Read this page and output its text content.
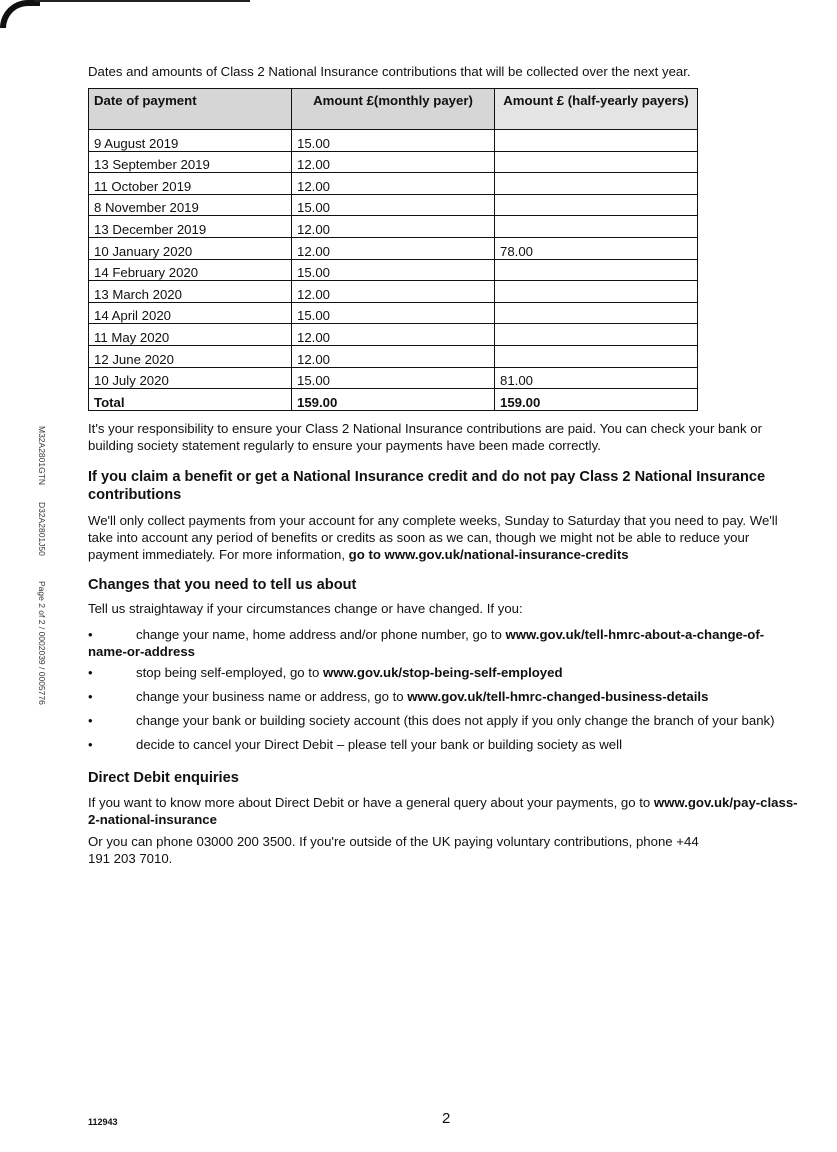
Dates and amounts of Class 2 National Insurance contributions that will be collected over the next year.
Date of payment	Amount £(monthly payer)	Amount £ (half-yearly payers)
9 August 2019	15.00	
13 September 2019	12.00	
11 October 2019	12.00	
8 November 2019	15.00	
13 December 2019	12.00	
10 January 2020	12.00	78.00
14 February 2020	15.00	
13 March 2020	12.00	
14 April 2020	15.00	
11 May 2020	12.00	
12 June 2020	12.00	
10 July 2020	15.00	81.00
Total	159.00	159.00
M32A2801GTN
D32A2801J50
Page 2 of 2 / 0002039 / 0005776
It's your responsibility to ensure your Class 2 National Insurance contributions are paid. You can check your bank or building society statement regularly to ensure your payments have been made correctly.
If you claim a benefit or get a National Insurance credit and do not pay Class 2 National Insurance contributions
We'll only collect payments from your account for any complete weeks, Sunday to Saturday that you need to pay. We'll take into account any period of benefits or credits as soon as we can, though we might not be able to reduce your payment immediately. For more information, go to www.gov.uk/national-insurance-credits
Changes that you need to tell us about
Tell us straightaway if your circumstances change or have changed. If you:
•	change your name, home address and/or phone number, go to www.gov.uk/tell-hmrc-about-a-change-of-name-or-address
•	stop being self-employed, go to www.gov.uk/stop-being-self-employed
•	change your business name or address, go to www.gov.uk/tell-hmrc-changed-business-details
•	change your bank or building society account (this does not apply if you only change the branch of your bank)
•	decide to cancel your Direct Debit – please tell your bank or building society as well
Direct Debit enquiries
If you want to know more about Direct Debit or have a general query about your payments, go to www.gov.uk/pay-class-2-national-insurance
Or you can phone 03000 200 3500. If you're outside of the UK paying voluntary contributions, phone +44 191 203 7010.
112943	2
